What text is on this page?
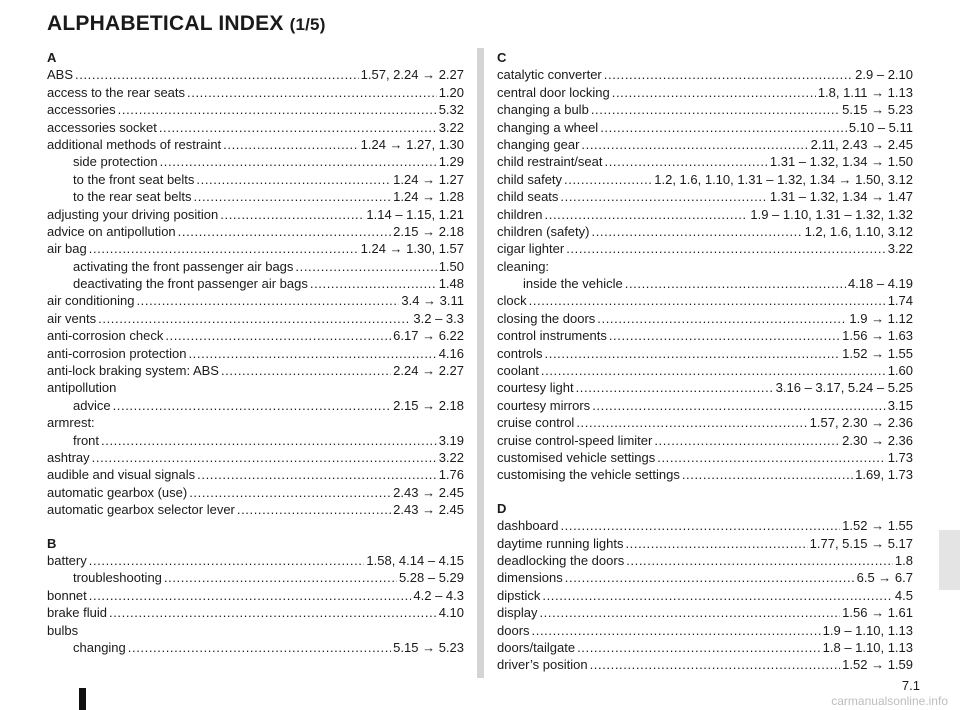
ALPHABETICAL INDEX (1/5)
A
ABS .....	1.57, 2.24 → 2.27
access to the rear seats .....	1.20
accessories .....	5.32
accessories socket .....	3.22
additional methods of restraint .....	1.24 → 1.27, 1.30
side protection .....	1.29
to the front seat belts .....	1.24 → 1.27
to the rear seat belts .....	1.24 → 1.28
adjusting your driving position .....	1.14 – 1.15, 1.21
advice on antipollution .....	2.15 → 2.18
air bag .....	1.24 → 1.30, 1.57
activating the front passenger air bags .....	1.50
deactivating the front passenger air bags .....	1.48
air conditioning .....	3.4 → 3.11
air vents .....	3.2 – 3.3
anti-corrosion check .....	6.17 → 6.22
anti-corrosion protection .....	4.16
anti-lock braking system: ABS .....	2.24 → 2.27
antipollution
advice .....	2.15 → 2.18
armrest:
front .....	3.19
ashtray .....	3.22
audible and visual signals .....	1.76
automatic gearbox (use) .....	2.43 → 2.45
automatic gearbox selector lever .....	2.43 → 2.45
B
battery .....	1.58, 4.14 – 4.15
troubleshooting .....	5.28 – 5.29
bonnet .....	4.2 – 4.3
brake fluid .....	4.10
bulbs
changing .....	5.15 → 5.23
C
catalytic converter .....	2.9 – 2.10
central door locking .....	1.8, 1.11 → 1.13
changing a bulb .....	5.15 → 5.23
changing a wheel .....	5.10 – 5.11
changing gear .....	2.11, 2.43 → 2.45
child restraint/seat .....	1.31 – 1.32, 1.34 → 1.50
child safety .....	1.2, 1.6, 1.10, 1.31 – 1.32, 1.34 → 1.50, 3.12
child seats .....	1.31 – 1.32, 1.34 → 1.47
children .....	1.9 – 1.10, 1.31 – 1.32, 1.32
children (safety) .....	1.2, 1.6, 1.10, 3.12
cigar lighter .....	3.22
cleaning:
inside the vehicle .....	4.18 – 4.19
clock .....	1.74
closing the doors .....	1.9 → 1.12
control instruments .....	1.56 → 1.63
controls .....	1.52 → 1.55
coolant .....	1.60
courtesy light .....	3.16 – 3.17, 5.24 – 5.25
courtesy mirrors .....	3.15
cruise control .....	1.57, 2.30 → 2.36
cruise control-speed limiter .....	2.30 → 2.36
customised vehicle settings .....	1.73
customising the vehicle settings .....	1.69, 1.73
D
dashboard .....	1.52 → 1.55
daytime running lights .....	1.77, 5.15 → 5.17
deadlocking the doors .....	1.8
dimensions .....	6.5 → 6.7
dipstick .....	4.5
display .....	1.56 → 1.61
doors .....	1.9 – 1.10, 1.13
doors/tailgate .....	1.8 – 1.10, 1.13
driver’s position .....	1.52 → 1.59
7.1
carmanualsonline.info
